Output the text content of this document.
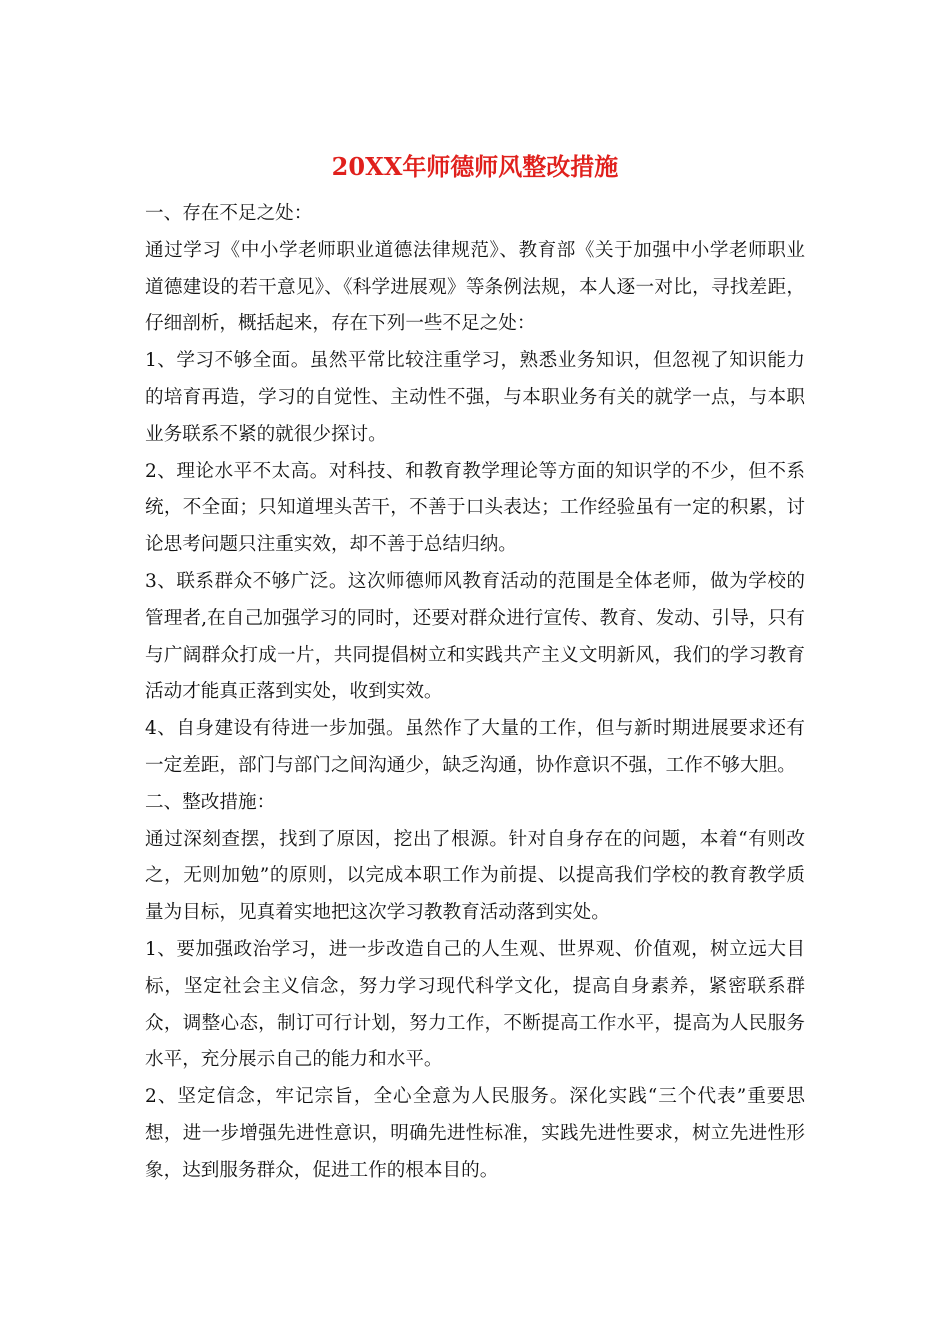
20XX年师德师风整改措施

一、存在不足之处：

通过学习《中小学老师职业道德法律规范》、教育部《关于加强中小学老师职业道德建设的若干意见》、《科学进展观》等条例法规，本人逐一对比，寻找差距，仔细剖析，概括起来，存在下列一些不足之处：

1、学习不够全面。虽然平常比较注重学习，熟悉业务知识，但忽视了知识能力的培育再造，学习的自觉性、主动性不强，与本职业务有关的就学一点，与本职业务联系不紧的就很少探讨。

2、理论水平不太高。对科技、和教育教学理论等方面的知识学的不少，但不系统，不全面；只知道埋头苦干，不善于口头表达；工作经验虽有一定的积累，讨论思考问题只注重实效，却不善于总结归纳。

3、联系群众不够广泛。这次师德师风教育活动的范围是全体老师，做为学校的管理者,在自己加强学习的同时，还要对群众进行宣传、教育、发动、引导，只有与广阔群众打成一片，共同提倡树立和实践共产主义文明新风，我们的学习教育活动才能真正落到实处，收到实效。

4、自身建设有待进一步加强。虽然作了大量的工作，但与新时期进展要求还有一定差距，部门与部门之间沟通少，缺乏沟通，协作意识不强，工作不够大胆。

二、整改措施：

通过深刻查摆，找到了原因，挖出了根源。针对自身存在的问题，本着“有则改之，无则加勉”的原则，以完成本职工作为前提、以提高我们学校的教育教学质量为目标，见真着实地把这次学习教教育活动落到实处。

1、要加强政治学习，进一步改造自己的人生观、世界观、价值观，树立远大目标，坚定社会主义信念，努力学习现代科学文化，提高自身素养，紧密联系群众，调整心态，制订可行计划，努力工作，不断提高工作水平，提高为人民服务水平，充分展示自己的能力和水平。

2、坚定信念，牢记宗旨，全心全意为人民服务。深化实践“三个代表”重要思想，进一步增强先进性意识，明确先进性标准，实践先进性要求，树立先进性形象，达到服务群众，促进工作的根本目的。
